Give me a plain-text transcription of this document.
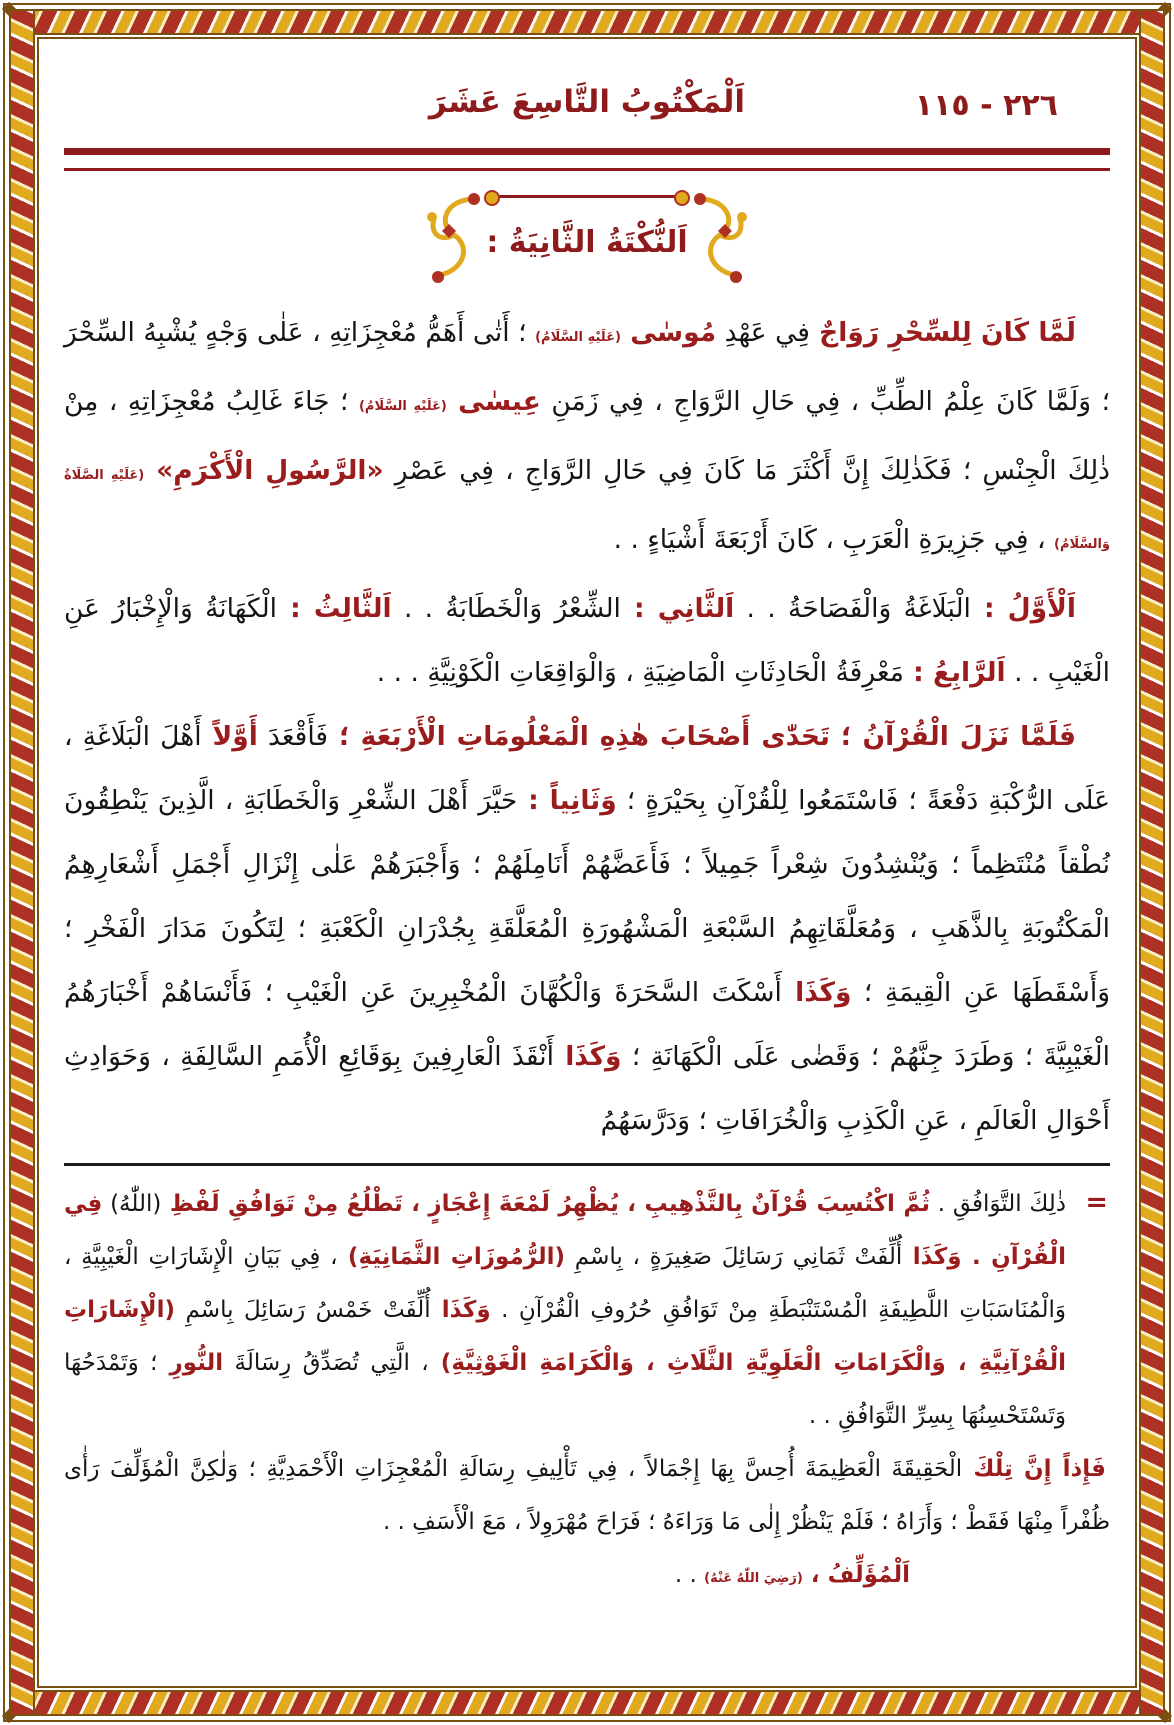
٢٢٦ - ١١٥
اَلْمَكْتُوبُ التَّاسِعَ عَشَرَ
اَلنُّكْتَةُ الثَّانِيَةُ :

لَمَّا كَانَ لِلسِّحْرِ رَوَاجٌ فِي عَهْدِ مُوسٰى (عَلَيْهِ السَّلَامُ) ؛ أَتٰى أَهَمُّ مُعْجِزَاتِهِ ، عَلٰى وَجْهٍ يُشْبِهُ السِّحْرَ ؛ وَلَمَّا كَانَ عِلْمُ الطِّبِّ ، فِي حَالِ الرَّوَاجِ ، فِي زَمَنِ عِيسٰى (عَلَيْهِ السَّلَامُ) ؛ جَاءَ غَالِبُ مُعْجِزَاتِهِ ، مِنْ ذٰلِكَ الْجِنْسِ ؛ فَكَذٰلِكَ إِنَّ أَكْثَرَ مَا كَانَ فِي حَالِ الرَّوَاجِ ، فِي عَصْرِ «الرَّسُولِ الْأَكْرَمِ» (عَلَيْهِ الصَّلَاةُ وَالسَّلَامُ) ، فِي جَزِيرَةِ الْعَرَبِ ، كَانَ أَرْبَعَةَ أَشْيَاءٍ . .

اَلْأَوَّلُ : الْبَلَاغَةُ وَالْفَصَاحَةُ . . اَلثَّانِي : الشِّعْرُ وَالْخَطَابَةُ . . اَلثَّالِثُ : الْكَهَانَةُ وَالْإِخْبَارُ عَنِ الْغَيْبِ . . اَلرَّابِعُ : مَعْرِفَةُ الْحَادِثَاتِ الْمَاضِيَةِ ، وَالْوَاقِعَاتِ الْكَوْنِيَّةِ . . .

فَلَمَّا نَزَلَ الْقُرْآنُ ؛ تَحَدّٰى أَصْحَابَ هٰذِهِ الْمَعْلُومَاتِ الْأَرْبَعَةِ ؛ فَأَقْعَدَ أَوَّلاً أَهْلَ الْبَلَاغَةِ ، عَلَى الرُّكْبَةِ دَفْعَةً ؛ فَاسْتَمَعُوا لِلْقُرْآنِ بِحَيْرَةٍ ؛ وَثَانِياً : حَيَّرَ أَهْلَ الشِّعْرِ وَالْخَطَابَةِ ، الَّذِينَ يَنْطِقُونَ نُطْقاً مُنْتَظِماً ؛ وَيُنْشِدُونَ شِعْراً جَمِيلاً ؛ فَأَعَضَّهُمْ أَنَامِلَهُمْ ؛ وَأَجْبَرَهُمْ عَلٰى إِنْزَالِ أَجْمَلِ أَشْعَارِهِمُ الْمَكْتُوبَةِ بِالذَّهَبِ ، وَمُعَلَّقَاتِهِمُ السَّبْعَةِ الْمَشْهُورَةِ الْمُعَلَّقَةِ بِجُدْرَانِ الْكَعْبَةِ ؛ لِتَكُونَ مَدَارَ الْفَخْرِ ؛ وَأَسْقَطَهَا عَنِ الْقِيمَةِ ؛ وَكَذَا أَسْكَتَ السَّحَرَةَ وَالْكُهَّانَ الْمُخْبِرِينَ عَنِ الْغَيْبِ ؛ فَأَنْسَاهُمْ أَخْبَارَهُمُ الْغَيْبِيَّةَ ؛ وَطَرَدَ جِنَّهُمْ ؛ وَقَضٰى عَلَى الْكَهَانَةِ ؛ وَكَذَا أَنْقَذَ الْعَارِفِينَ بِوَقَائِعِ الْأُمَمِ السَّالِفَةِ ، وَحَوَادِثِ أَحْوَالِ الْعَالَمِ ، عَنِ الْكَذِبِ وَالْخُرَافَاتِ ؛ وَدَرَّسَهُمُ

=
ذٰلِكَ التَّوَافُقِ . ثُمَّ اكْتُسِبَ قُرْآنٌ بِالتَّذْهِيبِ ، يُظْهِرُ لَمْعَةَ إِعْجَازٍ ، تَطْلُعُ مِنْ تَوَافُقِ لَفْظِ (اللّٰهُ) فِي الْقُرْآنِ . وَكَذَا أُلِّفَتْ ثَمَانِي رَسَائِلَ صَغِيرَةٍ ، بِاسْمِ (الرُّمُوزَاتِ الثَّمَانِيَةِ) ، فِي بَيَانِ الْإِشَارَاتِ الْغَيْبِيَّةِ ، وَالْمُنَاسَبَاتِ اللَّطِيفَةِ الْمُسْتَنْبَطَةِ مِنْ تَوَافُقِ حُرُوفِ الْقُرْآنِ . وَكَذَا أُلِّفَتْ خَمْسُ رَسَائِلَ بِاسْمِ (الْإِشَارَاتِ الْقُرْآنِيَّةِ ، وَالْكَرَامَاتِ الْعَلَوِيَّةِ الثَّلَاثِ ، وَالْكَرَامَةِ الْغَوْثِيَّةِ) ، الَّتِي تُصَدِّقُ رِسَالَةَ النُّورِ ؛ وَتَمْدَحُهَا وَتَسْتَحْسِنُهَا بِسِرِّ التَّوَافُقِ . .

فَإِذاً إِنَّ تِلْكَ الْحَقِيقَةَ الْعَظِيمَةَ أُحِسَّ بِهَا إِجْمَالاً ، فِي تَأْلِيفِ رِسَالَةِ الْمُعْجِزَاتِ الْأَحْمَدِيَّةِ ؛ وَلٰكِنَّ الْمُؤَلِّفَ رَأٰى ظُفْراً مِنْهَا فَقَطْ ؛ وَأَرَاهُ ؛ فَلَمْ يَنْظُرْ إِلٰى مَا وَرَاءَهُ ؛ فَرَاحَ مُهْرَوِلاً ، مَعَ الْأَسَفِ . .

اَلْمُؤَلِّفُ ، (رَضِيَ اللّٰهُ عَنْهُ) . .
